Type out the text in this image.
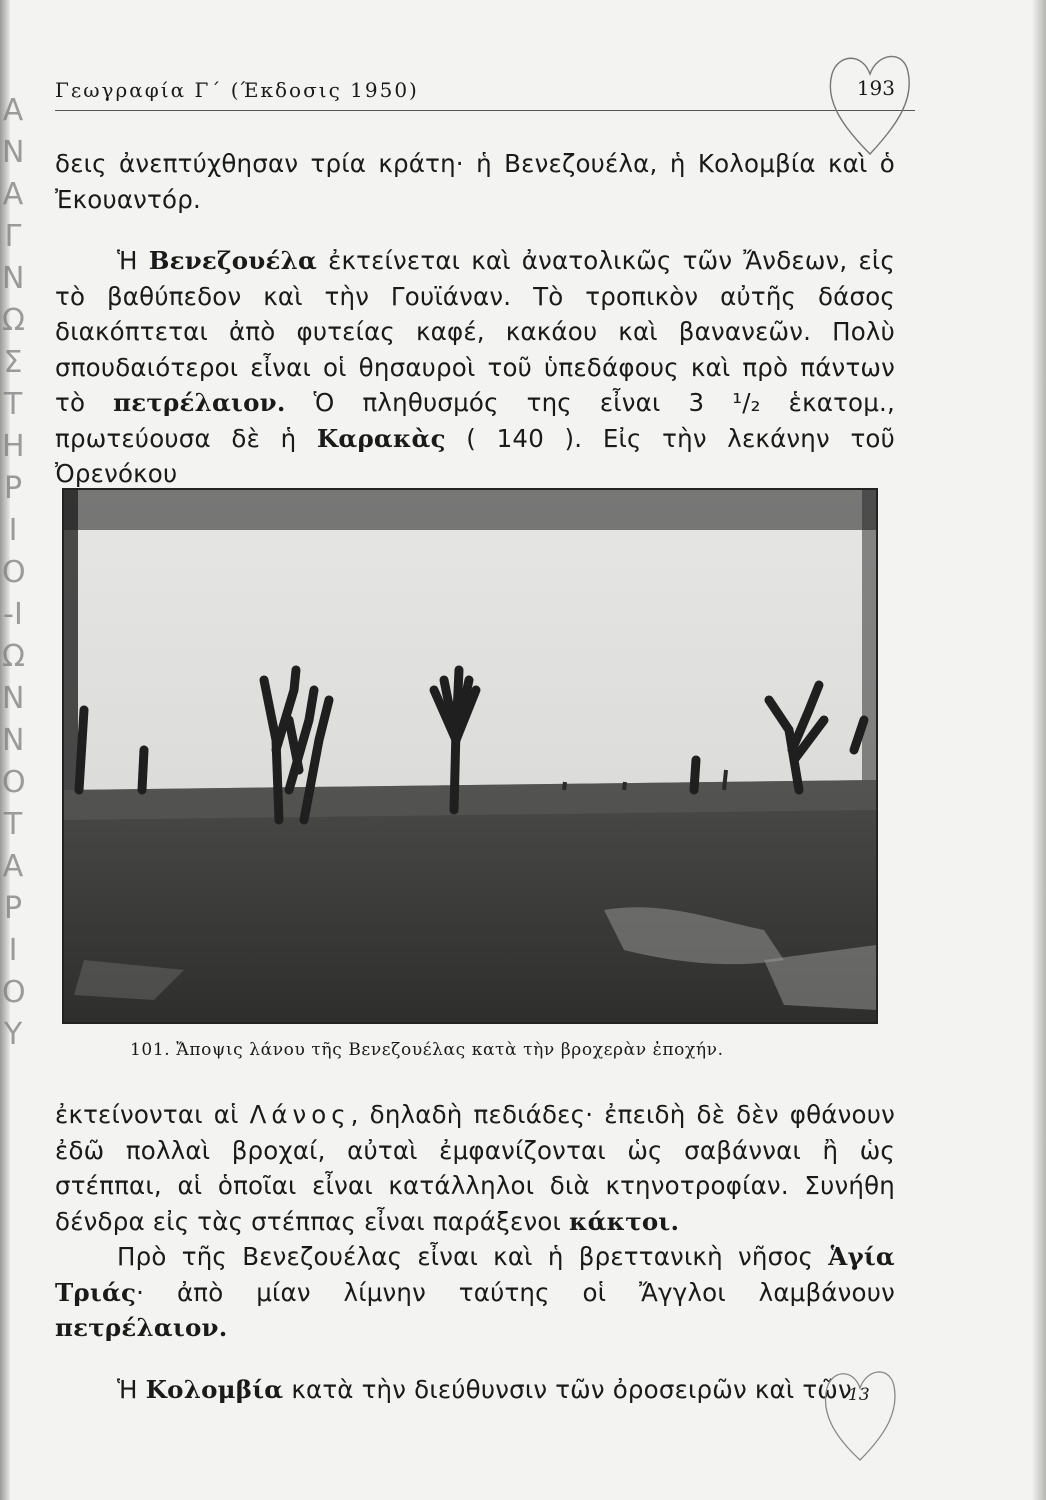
ΑΝΑΓΝΩΣΤΗΡΙΟ-ΙΩΝΝΟΤΑΡΙΟΥ
Γεωγραφία Γ΄ (Έκδοσις 1950)	193

δεις ἀνεπτύχθησαν τρία κράτη· ἡ Βενεζουέλα, ἡ Κολομβία καὶ ὁ Ἐκουαντόρ.

Ἡ Βενεζουέλα ἐκτείνεται καὶ ἀνατολικῶς τῶν Ἄνδεων, εἰς τὸ βαθύπεδον καὶ τὴν Γουϊάναν. Τὸ τροπικὸν αὐτῆς δάσος διακόπτεται ἀπὸ φυτείας καφέ, κακάου καὶ βανανεῶν. Πολὺ σπουδαιότεροι εἶναι οἱ θησαυροὶ τοῦ ὑπεδάφους καὶ πρὸ πάντων τὸ πετρέλαιον. Ὁ πληθυσμός της εἶναι 3 ¹/₂ ἑκατομ., πρωτεύουσα δὲ ἡ Καρακὰς ( 140 ). Εἰς τὴν λεκάνην τοῦ Ὀρενόκου

101. Ἄποψις λάνου τῆς Βενεζουέλας κατὰ τὴν βροχερὰν ἐποχήν.

ἐκτείνονται αἱ Λάνος, δηλαδὴ πεδιάδες· ἐπειδὴ δὲ δὲν φθάνουν ἐδῶ πολλαὶ βροχαί, αὐταὶ ἐμφανίζονται ὡς σαβάνναι ἢ ὡς στέππαι, αἱ ὁποῖαι εἶναι κατάλληλοι διὰ κτηνοτροφίαν. Συνήθη δένδρα εἰς τὰς στέππας εἶναι παράξενοι κάκτοι.

Πρὸ τῆς Βενεζουέλας εἶναι καὶ ἡ βρεττανικὴ νῆσος Ἁγία Τριάς· ἀπὸ μίαν λίμνην ταύτης οἱ Ἄγγλοι λαμβάνουν πετρέλαιον.

Ἡ Κολομβία κατὰ τὴν διεύθυνσιν τῶν ὀροσειρῶν καὶ τῶν

13
